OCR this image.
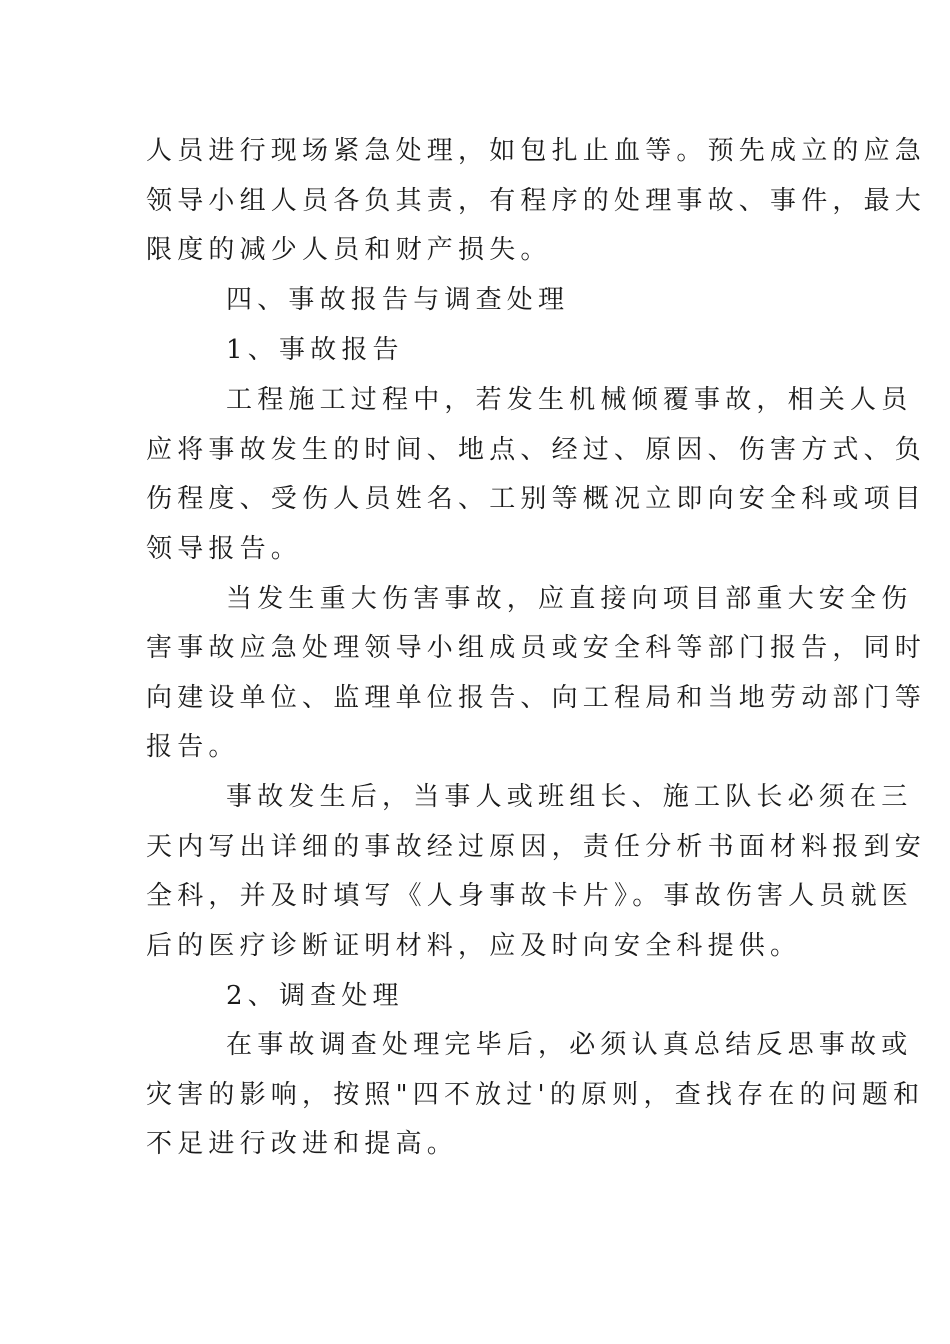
人员进行现场紧急处理，如包扎止血等。预先成立的应急
领导小组人员各负其责，有程序的处理事故、事件，最大
限度的减少人员和财产损失。
四、事故报告与调查处理
1、事故报告
工程施工过程中，若发生机械倾覆事故，相关人员
应将事故发生的时间、地点、经过、原因、伤害方式、负
伤程度、受伤人员姓名、工别等概况立即向安全科或项目
领导报告。
当发生重大伤害事故，应直接向项目部重大安全伤
害事故应急处理领导小组成员或安全科等部门报告，同时
向建设单位、监理单位报告、向工程局和当地劳动部门等
报告。
事故发生后，当事人或班组长、施工队长必须在三
天内写出详细的事故经过原因，责任分析书面材料报到安
全科，并及时填写《人身事故卡片》。事故伤害人员就医
后的医疗诊断证明材料，应及时向安全科提供。
2、调查处理
在事故调查处理完毕后，必须认真总结反思事故或
灾害的影响，按照"四不放过'的原则，查找存在的问题和
不足进行改进和提高。
